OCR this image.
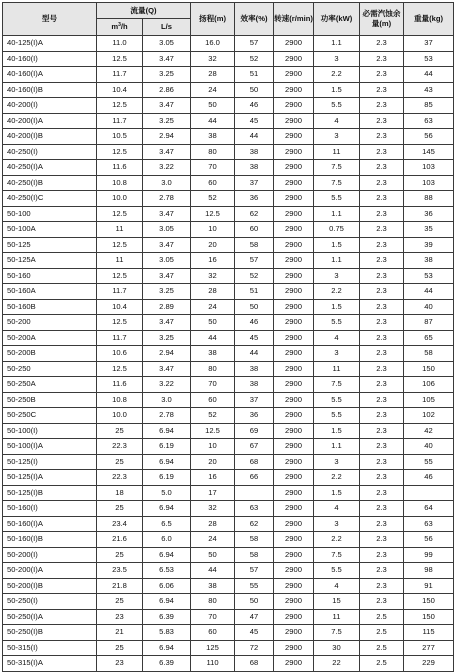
型号	流量(Q)		扬程(m)	效率(%)	转速(r/min)	功率(kW)	必需汽蚀余量(m)	重量(kg)
	$m^3/h$	L/s						
40-125(I)A	11.0	3.05	16.0	57	2900	1.1	2.3	37
40-160(I)	12.5	3.47	32	52	2900	3	2.3	53
40-160(I)A	11.7	3.25	28	51	2900	2.2	2.3	44
40-160(I)B	10.4	2.86	24	50	2900	1.5	2.3	43
40-200(I)	12.5	3.47	50	46	2900	5.5	2.3	85
40-200(I)A	11.7	3.25	44	45	2900	4	2.3	63
40-200(I)B	10.5	2.94	38	44	2900	3	2.3	56
40-250(I)	12.5	3.47	80	38	2900	11	2.3	145
40-250(I)A	11.6	3.22	70	38	2900	7.5	2.3	103
40-250(I)B	10.8	3.0	60	37	2900	7.5	2.3	103
40-250(I)C	10.0	2.78	52	36	2900	5.5	2.3	88
50-100	12.5	3.47	12.5	62	2900	1.1	2.3	36
50-100A	11	3.05	10	60	2900	0.75	2.3	35
50-125	12.5	3.47	20	58	2900	1.5	2.3	39
50-125A	11	3.05	16	57	2900	1.1	2.3	38
50-160	12.5	3.47	32	52	2900	3	2.3	53
50-160A	11.7	3.25	28	51	2900	2.2	2.3	44
50-160B	10.4	2.89	24	50	2900	1.5	2.3	40
50-200	12.5	3.47	50	46	2900	5.5	2.3	87
50-200A	11.7	3.25	44	45	2900	4	2.3	65
50-200B	10.6	2.94	38	44	2900	3	2.3	58
50-250	12.5	3.47	80	38	2900	11	2.3	150
50-250A	11.6	3.22	70	38	2900	7.5	2.3	106
50-250B	10.8	3.0	60	37	2900	5.5	2.3	105
50-250C	10.0	2.78	52	36	2900	5.5	2.3	102
50-100(I)	25	6.94	12.5	69	2900	1.5	2.3	42
50-100(I)A	22.3	6.19	10	67	2900	1.1	2.3	40
50-125(I)	25	6.94	20	68	2900	3	2.3	55
50-125(I)A	22.3	6.19	16	66	2900	2.2	2.3	46
50-125(I)B	18	5.0	17		2900	1.5	2.3	
50-160(I)	25	6.94	32	63	2900	4	2.3	64
50-160(I)A	23.4	6.5	28	62	2900	3	2.3	63
50-160(I)B	21.6	6.0	24	58	2900	2.2	2.3	56
50-200(I)	25	6.94	50	58	2900	7.5	2.3	99
50-200(I)A	23.5	6.53	44	57	2900	5.5	2.3	98
50-200(I)B	21.8	6.06	38	55	2900	4	2.3	91
50-250(I)	25	6.94	80	50	2900	15	2.3	150
50-250(I)A	23	6.39	70	47	2900	11	2.5	150
50-250(I)B	21	5.83	60	45	2900	7.5	2.5	115
50-315(I)	25	6.94	125	72	2900	30	2.5	277
50-315(I)A	23	6.39	110	68	2900	22	2.5	229
